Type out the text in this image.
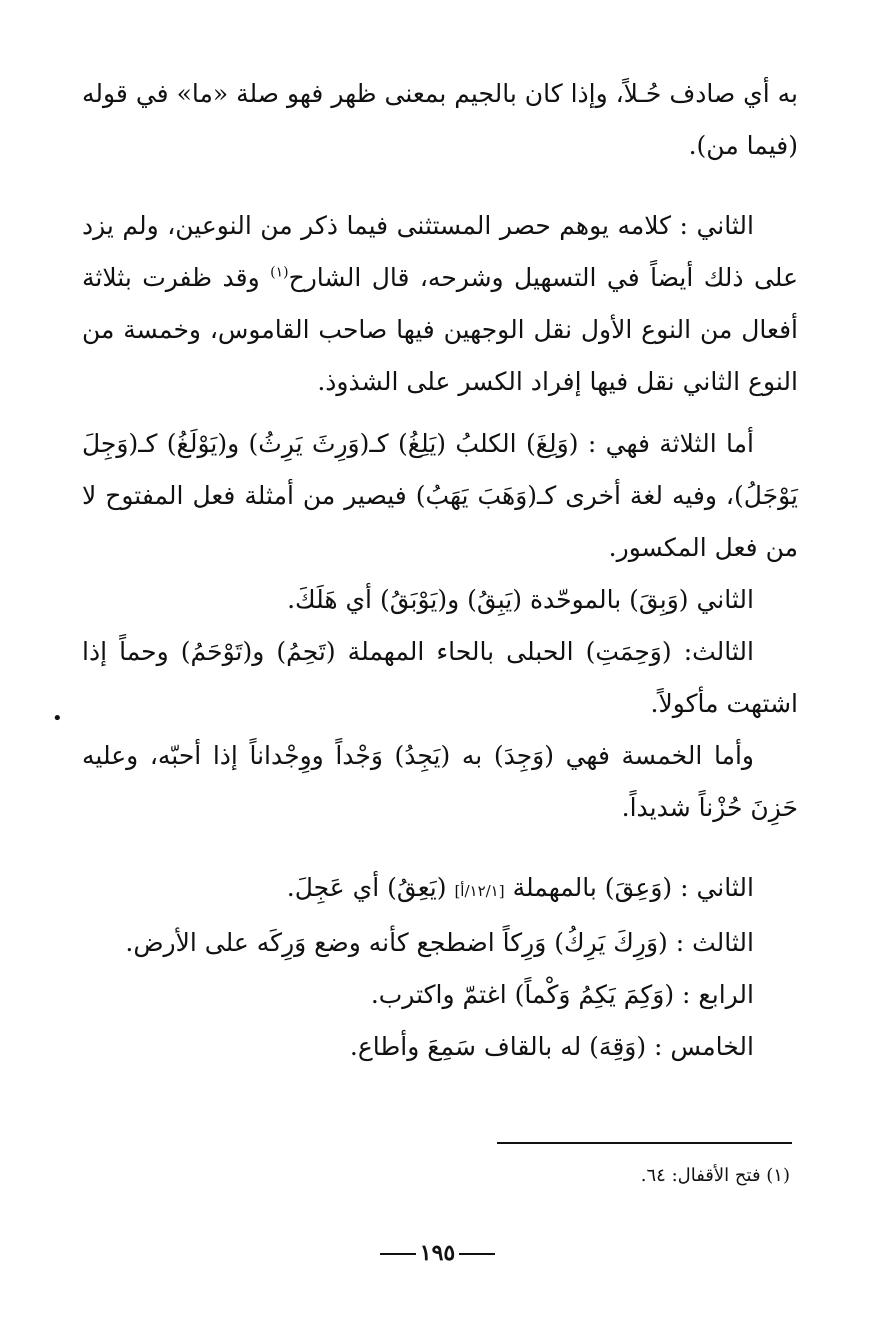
به أي صادف حُـلاً، وإذا كان بالجيم بمعنى ظهر فهو صلة «ما» في قوله (فيما من).

الثاني : كلامه يوهم حصر المستثنى فيما ذكر من النوعين، ولم يزد على ذلك أيضاً في التسهيل وشرحه، قال الشارح$^{(١)}$ وقد ظفرت بثلاثة أفعال من النوع الأول نقل الوجهين فيها صاحب القاموس، وخمسة من النوع الثاني نقل فيها إفراد الكسر على الشذوذ.

أما الثلاثة فهي : (وَلِغَ) الكلبُ (يَلِغُ) كـ(وَرِثَ يَرِثُ) و(يَوْلَغُ) كـ(وَجِلَ يَوْجَلُ)، وفيه لغة أخرى كـ(وَهَبَ يَهَبُ) فيصير من أمثلة فعل المفتوح لا من فعل المكسور.

الثاني (وَبِقَ) بالموحّدة (يَبِقُ) و(يَوْبَقُ) أي هَلَكَ.

الثالث: (وَحِمَتِ) الحبلى بالحاء المهملة (تَحِمُ) و(تَوْحَمُ) وحماً إذا اشتهت مأكولاً.

وأما الخمسة فهي (وَجِدَ) به (يَجِدُ) وَجْداً ووِجْداناً إذا أحبّه، وعليه حَزِنَ حُزْناً شديداً.

الثاني : (وَعِقَ) بالمهملة [١٢/١/أ] (يَعِقُ) أي عَجِلَ.

الثالث : (وَرِكَ يَرِكُ) وَرِكاً اضطجع كأنه وضع وَرِكَه على الأرض.

الرابع : (وَكِمَ يَكِمُ وَكْماً) اغتمّ واكترب.

الخامس : (وَقِهَ) له بالقاف سَمِعَ وأطاع.

•
(١) فتح الأقفال: ٦٤.
١٩٥
